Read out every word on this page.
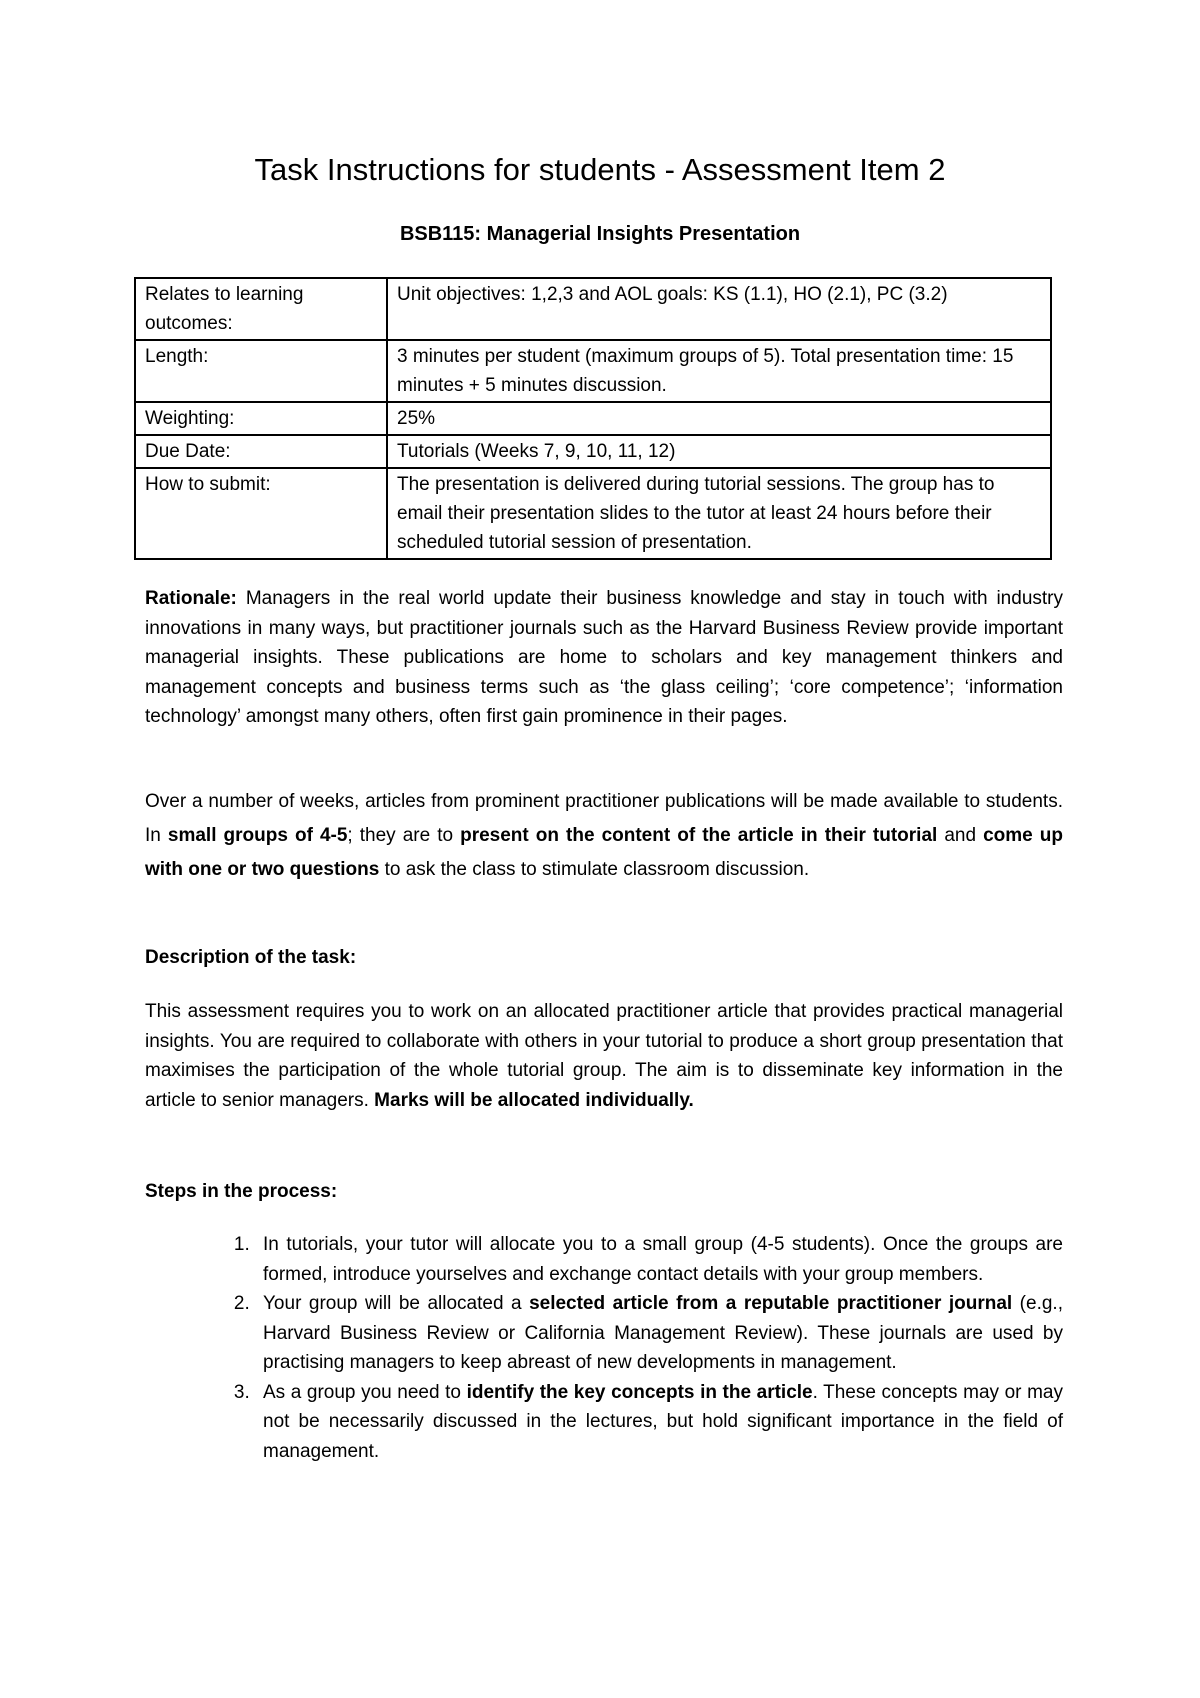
Task Instructions for students - Assessment Item 2
BSB115: Managerial Insights Presentation
Relates to learning outcomes:	Unit objectives: 1,2,3 and AOL goals: KS (1.1), HO (2.1), PC (3.2)
Length:	3 minutes per student (maximum groups of 5). Total presentation time: 15 minutes + 5 minutes discussion.
Weighting:	25%
Due Date:	Tutorials (Weeks 7, 9, 10, 11, 12)
How to submit:	The presentation is delivered during tutorial sessions. The group has to email their presentation slides to the tutor at least 24 hours before their scheduled tutorial session of presentation.

Rationale: Managers in the real world update their business knowledge and stay in touch with industry innovations in many ways, but practitioner journals such as the Harvard Business Review provide important managerial insights. These publications are home to scholars and key management thinkers and management concepts and business terms such as ‘the glass ceiling’; ‘core competence’; ‘information technology’ amongst many others, often first gain prominence in their pages.

Over a number of weeks, articles from prominent practitioner publications will be made available to students. In small groups of 4-5; they are to present on the content of the article in their tutorial and come up with one or two questions to ask the class to stimulate classroom discussion.

Description of the task:

This assessment requires you to work on an allocated practitioner article that provides practical managerial insights. You are required to collaborate with others in your tutorial to produce a short group presentation that maximises the participation of the whole tutorial group. The aim is to disseminate key information in the article to senior managers. Marks will be allocated individually.

Steps in the process:

1. In tutorials, your tutor will allocate you to a small group (4-5 students). Once the groups are formed, introduce yourselves and exchange contact details with your group members.
2. Your group will be allocated a selected article from a reputable practitioner journal (e.g., Harvard Business Review or California Management Review). These journals are used by practising managers to keep abreast of new developments in management.
3. As a group you need to identify the key concepts in the article. These concepts may or may not be necessarily discussed in the lectures, but hold significant importance in the field of management.
